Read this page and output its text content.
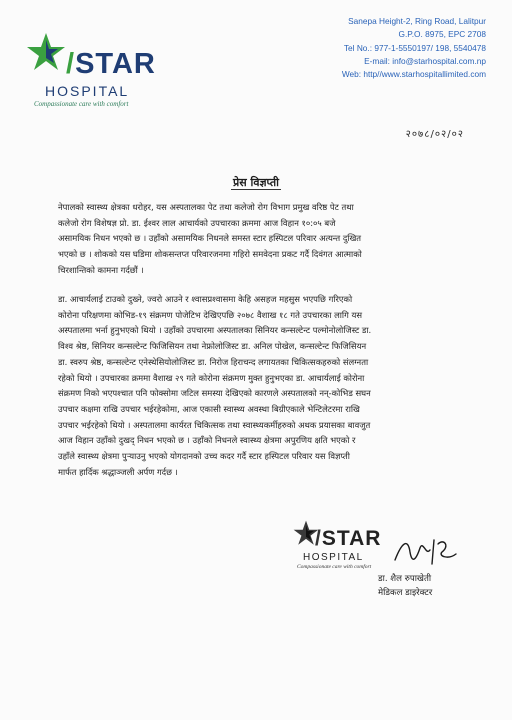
/STAR
HOSPITAL
Compassionate care with comfort
Sanepa Height-2, Ring Road, Lalitpur
G.P.O. 8975, EPC 2708
Tel No.: 977-1-5550197/ 198, 5540478
E-mail: info@starhospital.com.np
Web: http//www.starhospitallimited.com
२०७८/०२/०२
प्रेस विज्ञप्ती
नेपालको स्वास्थ्य क्षेत्रका धरोहर, यस अस्पतालका पेट तथा कलेजो रोग विभाग प्रमुख वरिष्ठ पेट तथा
कलेजो रोग विशेषज्ञ प्रो. डा. ईश्वर लाल आचार्यको उपचारका क्रममा आज विहान १०:०५ बजे
असामयिक निधन भएको छ । उहाँको असामयिक निधनले समस्त स्टार हस्पिटल परिवार अत्यन्त दुखित
भएको छ । शोकको यस घडिमा शोकसन्तप्त परिवारजनमा गहिरो समवेदना प्रकट गर्दै दिवंगत आत्माको
चिरशान्तिको कामना गर्दछौं ।
डा. आचार्यलाई टाउको दुख्ने, ज्वरो आउने र श्वासप्रश्वासमा केहि असहज महसुस भएपछि गरिएको
कोरोना परिक्षणमा कोभिड-१९ संक्रमण पोजेटिभ देखिएपछि २०७८ वैशाख १८ गते उपचारका लागि यस
अस्पतालमा भर्ना हुनुभएको थियो । उहाँको उपचारमा अस्पतालका सिनियर कन्सल्टेन्ट पल्मोनोलोजिस्ट डा.
विश्व श्रेष्ठ, सिनियर कन्सल्टेन्ट फिजिसियन तथा नेफ्रोलोजिस्ट डा. अनिल पोखेल, कन्सल्टेन्ट फिजिसियन
डा. स्वरुप श्रेष्ठ, कन्सल्टेन्ट एनेस्थेसियोलोजिस्ट डा. निरोज हिराचन्द लगायतका चिकित्सकहरुको संलग्नता
रहेको थियो । उपचारका क्रममा वैशाख २९ गते कोरोना संक्रमण मुक्त हुनुभएका डा. आचार्यलाई कोरोना
संक्रमण निको भएपश्चात पनि फोक्सोमा जटिल समस्या देखिएको कारणले अस्पतालको नन्-कोभिड सघन
उपचार कक्षमा राखि उपचार भईरहेकोमा, आज एकासी स्वास्थ्य अवस्था बिग्रीएकाले भेन्टिलेटरमा राखि
उपचार भईरहेको थियो । अस्पतालमा कार्यरत चिकित्सक तथा स्वास्थ्यकर्मीहरुको अथक प्रयासका बावजुत
आज विहान उहाँको दुखद् निधन भएको छ । उहाँको निधनले स्वास्थ्य क्षेत्रमा अपुरणिय क्षति भएको र
उहाँले स्वास्थ्य क्षेत्रमा पुऱ्याउनु भएको योगदानको उच्च कदर गर्दै स्टार हस्पिटल परिवार यस विज्ञप्ती
मार्फत हार्दिक श्रद्धाञ्जली अर्पण गर्दछ ।
/STAR
HOSPITAL
Compassionate care with comfort
डा. शैल रुपाखेती
मेडिकल डाइरेक्टर
